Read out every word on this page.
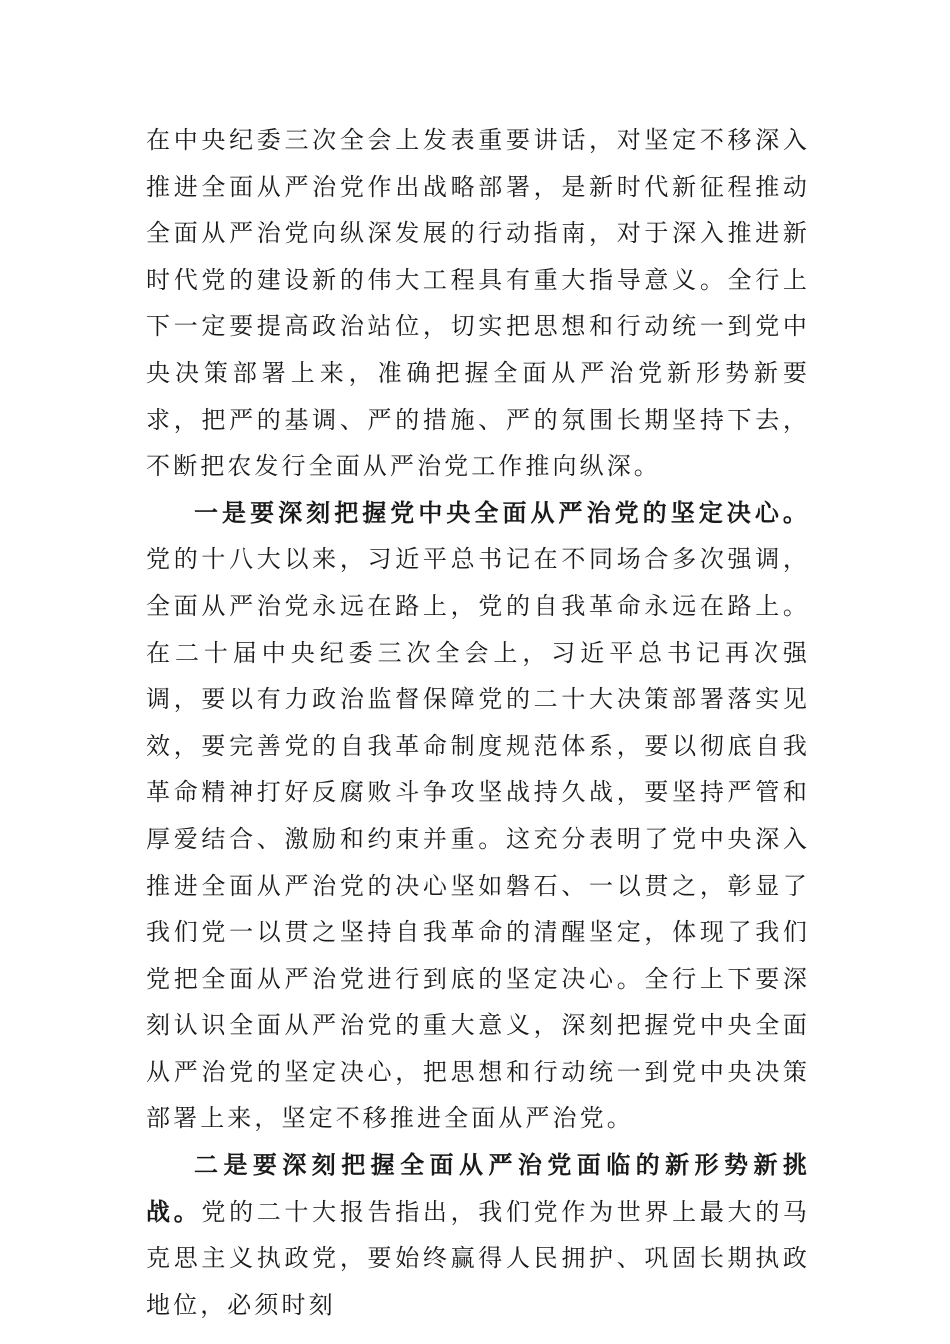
在中央纪委三次全会上发表重要讲话，对坚定不移深入推进全面从严治党作出战略部署，是新时代新征程推动全面从严治党向纵深发展的行动指南，对于深入推进新时代党的建设新的伟大工程具有重大指导意义。全行上下一定要提高政治站位，切实把思想和行动统一到党中央决策部署上来，准确把握全面从严治党新形势新要求，把严的基调、严的措施、严的氛围长期坚持下去，不断把农发行全面从严治党工作推向纵深。

一是要深刻把握党中央全面从严治党的坚定决心。党的十八大以来，习近平总书记在不同场合多次强调，全面从严治党永远在路上，党的自我革命永远在路上。在二十届中央纪委三次全会上，习近平总书记再次强调，要以有力政治监督保障党的二十大决策部署落实见效，要完善党的自我革命制度规范体系，要以彻底自我革命精神打好反腐败斗争攻坚战持久战，要坚持严管和厚爱结合、激励和约束并重。这充分表明了党中央深入推进全面从严治党的决心坚如磐石、一以贯之，彰显了我们党一以贯之坚持自我革命的清醒坚定，体现了我们党把全面从严治党进行到底的坚定决心。全行上下要深刻认识全面从严治党的重大意义，深刻把握党中央全面从严治党的坚定决心，把思想和行动统一到党中央决策部署上来，坚定不移推进全面从严治党。

二是要深刻把握全面从严治党面临的新形势新挑战。党的二十大报告指出，我们党作为世界上最大的马克思主义执政党，要始终赢得人民拥护、巩固长期执政地位，必须时刻
